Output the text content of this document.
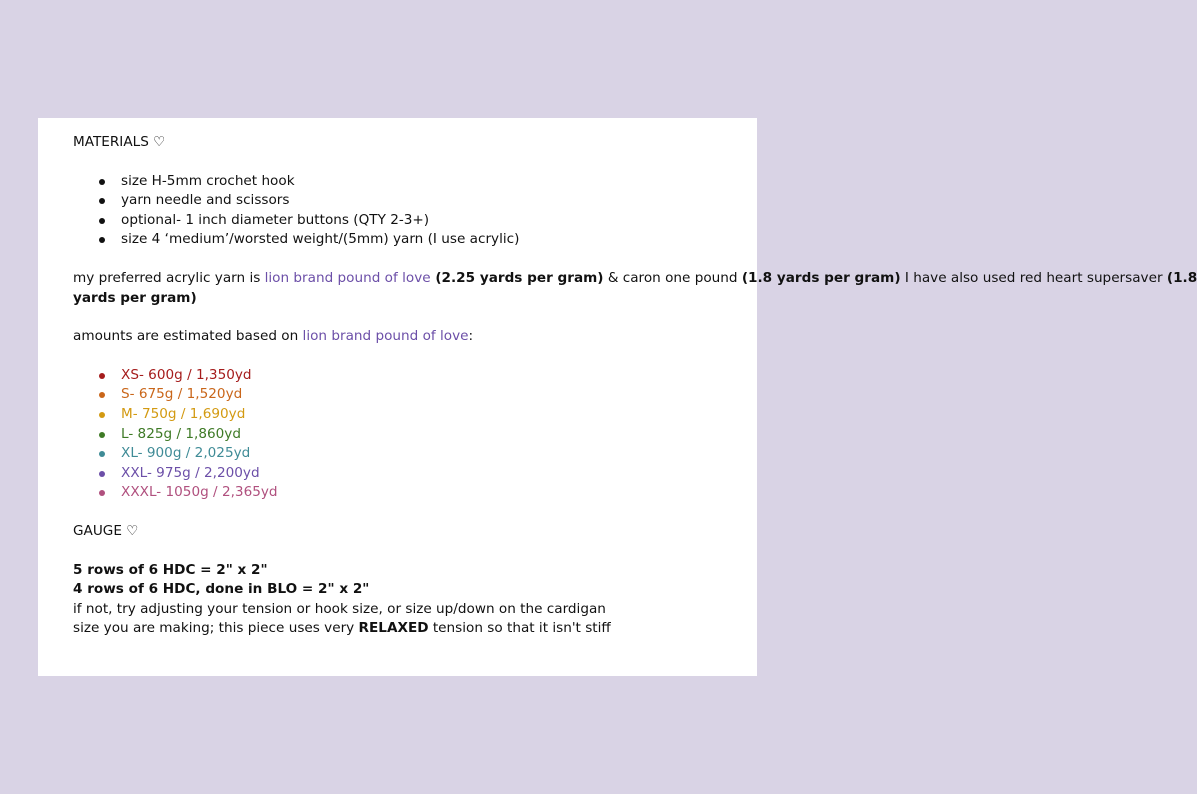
MATERIALS ♡
size H-5mm crochet hook
yarn needle and scissors
optional- 1 inch diameter buttons (QTY 2-3+)
size 4 ‘medium’/worsted weight/(5mm) yarn (I use acrylic)

my preferred acrylic yarn is lion brand pound of love (2.25 yards per gram) & caron one pound (1.8 yards per gram) I have also used red heart supersaver (1.8 yards per gram)

amounts are estimated based on lion brand pound of love:

XS- 600g / 1,350yd
S- 675g / 1,520yd
M- 750g / 1,690yd
L- 825g / 1,860yd
XL- 900g / 2,025yd
XXL- 975g / 2,200yd
XXXL- 1050g / 2,365yd
GAUGE ♡

5 rows of 6 HDC = 2" x 2"

4 rows of 6 HDC, done in BLO = 2" x 2"

if not, try adjusting your tension or hook size, or size up/down on the cardigan

size you are making; this piece uses very RELAXED tension so that it isn't stiff
